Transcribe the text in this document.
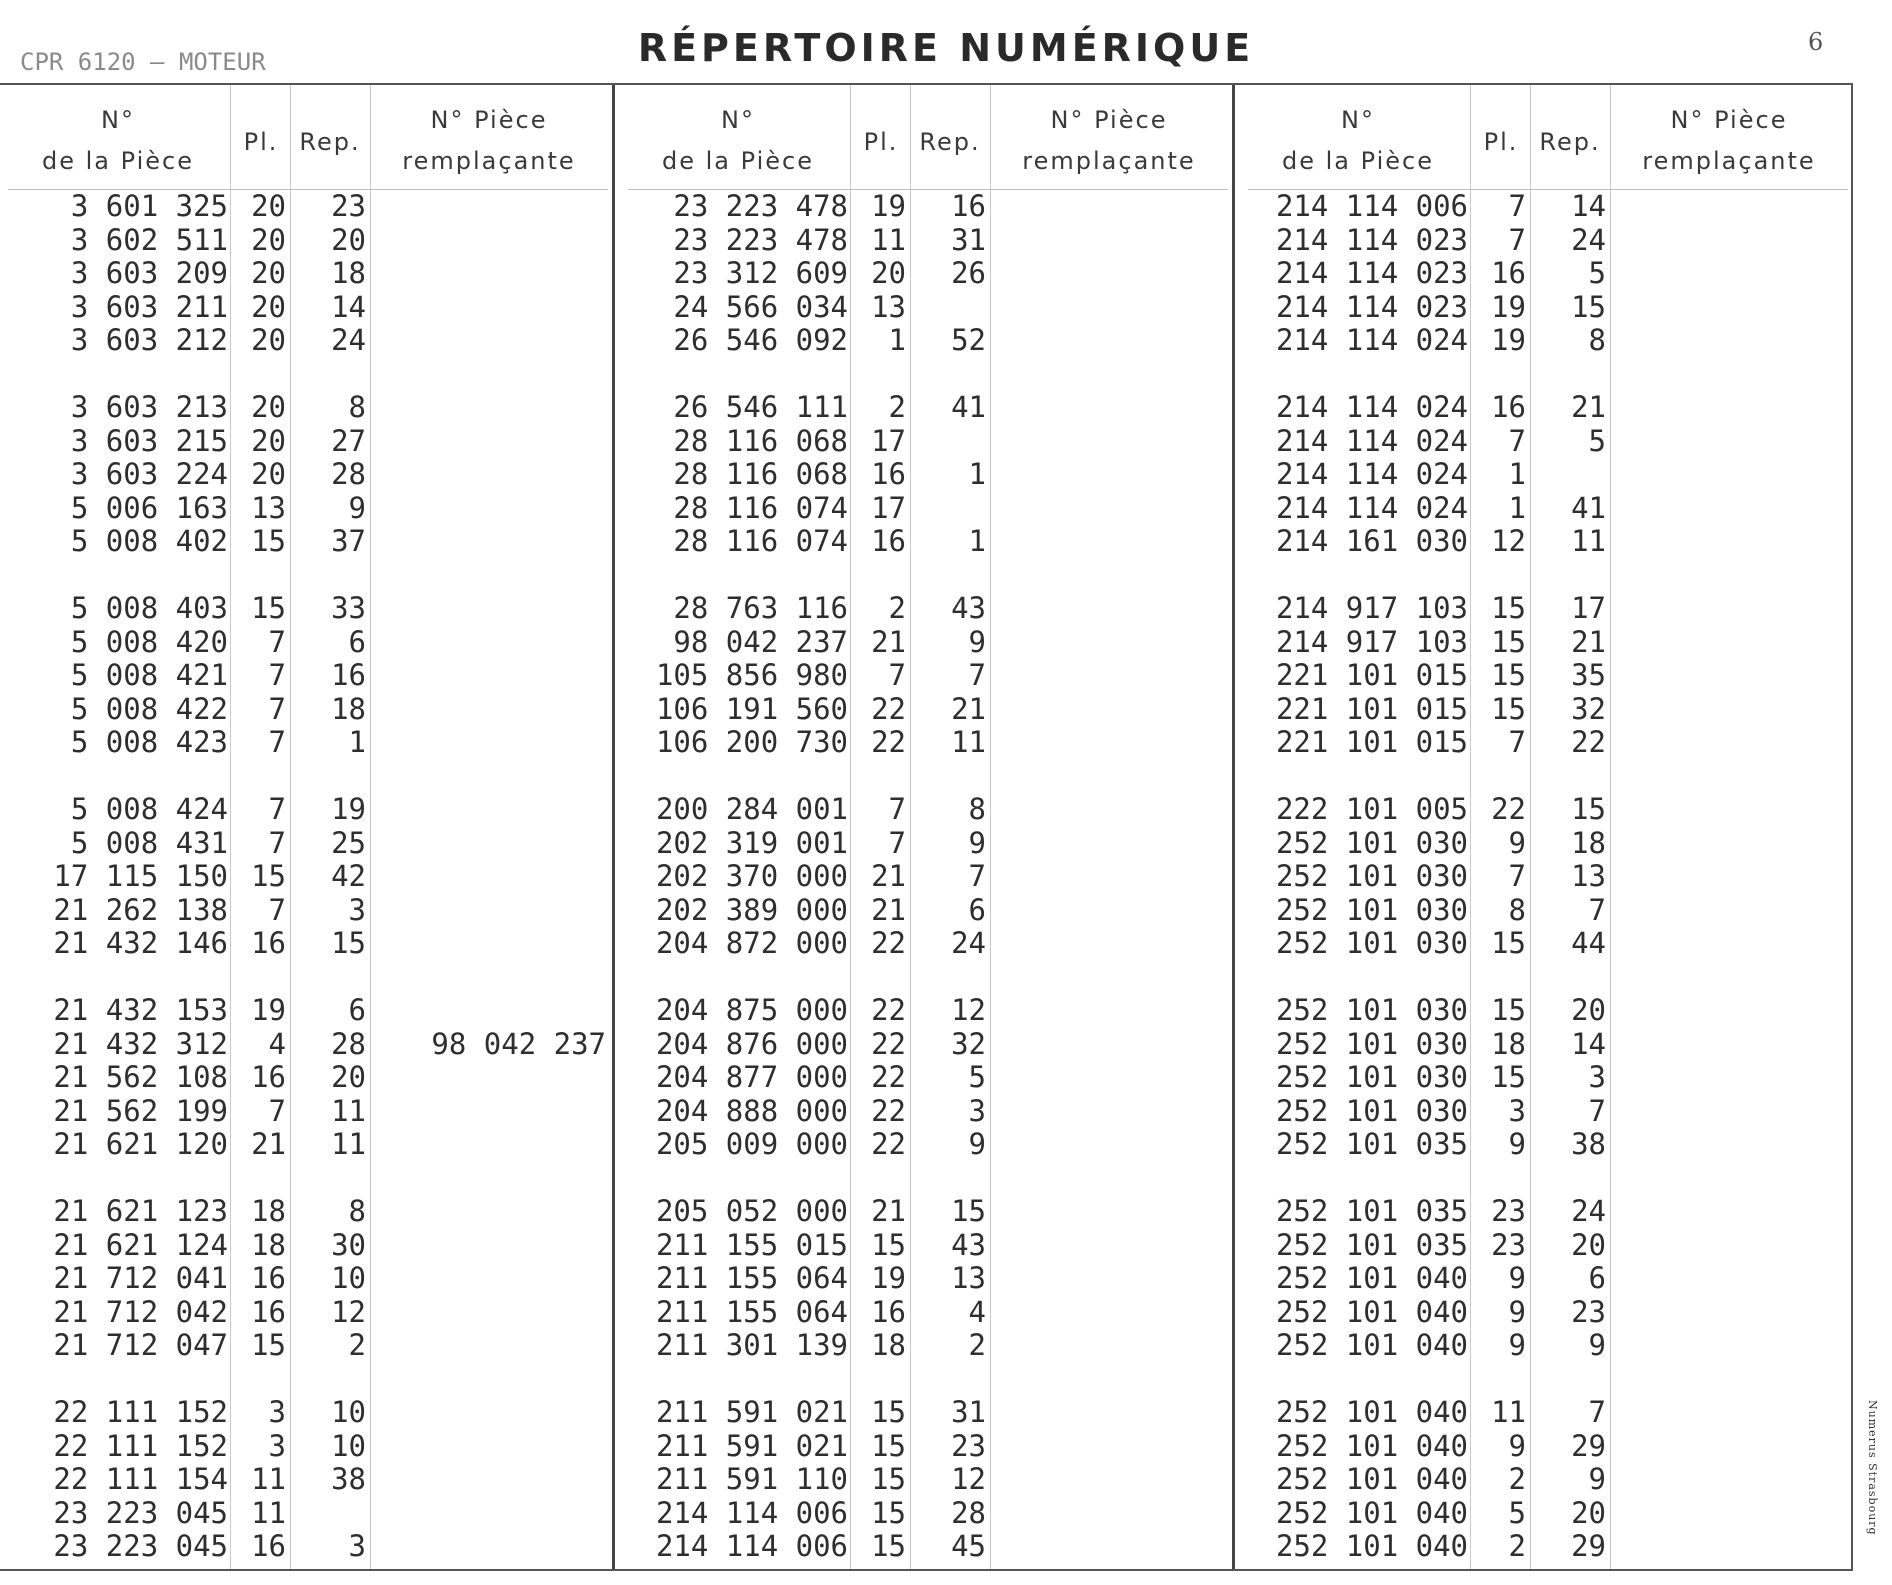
CPR 6120 – MOTEUR	RÉPERTOIRE NUMÉRIQUE	6
N°
de la Pièce
Pl. Rep.
N° Pièce
remplaçante
3 601 325 20 23
3 602 511 20 20
3 603 209 20 18
3 603 211 20 14
3 603 212 20 24
3 603 213 20 8
3 603 215 20 27
3 603 224 20 28
5 006 163 13 9
5 008 402 15 37
5 008 403 15 33
5 008 420 7 6
5 008 421 7 16
5 008 422 7 18
5 008 423 7 1
5 008 424 7 19
5 008 431 7 25
17 115 150 15 42
21 262 138 7 3
21 432 146 16 15
21 432 153 19 6
21 432 312 4 28 98 042 237
21 562 108 16 20
21 562 199 7 11
21 621 120 21 11
21 621 123 18 8
21 621 124 18 30
21 712 041 16 10
21 712 042 16 12
21 712 047 15 2
22 111 152 3 10
22 111 152 3 10
22 111 154 11 38
23 223 045 11
23 223 045 16 3
N°
de la Pièce
Pl. Rep.
N° Pièce
remplaçante
23 223 478 19 16
23 223 478 11 31
23 312 609 20 26
24 566 034 13
26 546 092 1 52
26 546 111 2 41
28 116 068 17
28 116 068 16 1
28 116 074 17
28 116 074 16 1
28 763 116 2 43
98 042 237 21 9
105 856 980 7 7
106 191 560 22 21
106 200 730 22 11
200 284 001 7 8
202 319 001 7 9
202 370 000 21 7
202 389 000 21 6
204 872 000 22 24
204 875 000 22 12
204 876 000 22 32
204 877 000 22 5
204 888 000 22 3
205 009 000 22 9
205 052 000 21 15
211 155 015 15 43
211 155 064 19 13
211 155 064 16 4
211 301 139 18 2
211 591 021 15 31
211 591 021 15 23
211 591 110 15 12
214 114 006 15 28
214 114 006 15 45
N°
de la Pièce
Pl. Rep.
N° Pièce
remplaçante
214 114 006 7 14
214 114 023 7 24
214 114 023 16 5
214 114 023 19 15
214 114 024 19 8
214 114 024 16 21
214 114 024 7 5
214 114 024 1
214 114 024 1 41
214 161 030 12 11
214 917 103 15 17
214 917 103 15 21
221 101 015 15 35
221 101 015 15 32
221 101 015 7 22
222 101 005 22 15
252 101 030 9 18
252 101 030 7 13
252 101 030 8 7
252 101 030 15 44
252 101 030 15 20
252 101 030 18 14
252 101 030 15 3
252 101 030 3 7
252 101 035 9 38
252 101 035 23 24
252 101 035 23 20
252 101 040 9 6
252 101 040 9 23
252 101 040 9 9
252 101 040 11 7
252 101 040 9 29
252 101 040 2 9
252 101 040 5 20
252 101 040 2 29
Numerus Strasbourg
